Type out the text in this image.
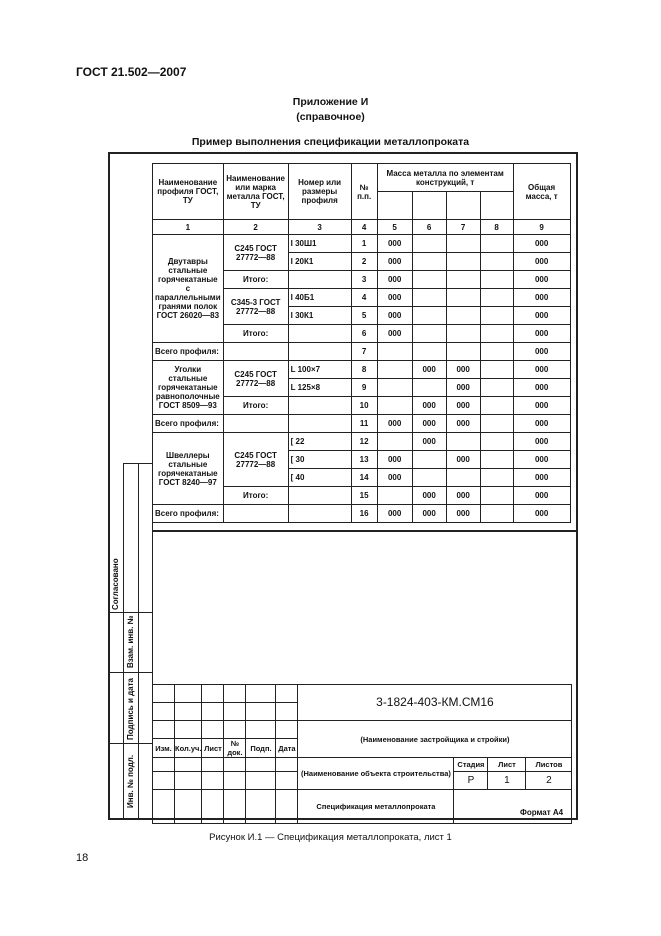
ГОСТ 21.502—2007
Приложение И
(справочное)
Пример выполнения спецификации металлопроката
Согласовано
Взам. инв. №
Подпись и дата
Инв. № подл.
Наименование профиля ГОСТ, ТУ	Наименование или марка металла ГОСТ, ТУ	Номер или размеры профиля	№ п.п.	Масса металла по элементам конструкций, т				Общая масса, т

1	2	3	4	5	6	7	8	9
Двутавры стальные горячекатаные с параллельными гранями полок ГОСТ 26020—83	С245 ГОСТ 27772—88	I 30Ш1	1	000				000
		I 20К1	2	000				000
	Итого:		3	000				000
	С345-3 ГОСТ 27772—88	I 40Б1	4	000				000
		I 30К1	5	000				000
	Итого:		6	000				000
Всего профиля:			7					000
Уголки стальные горячекатаные равнополочные ГОСТ 8509—93	С245 ГОСТ 27772—88	L 100×7	8		000	000		000
		L 125×8	9			000		000
	Итого:		10		000	000		000
Всего профиля:			11	000	000	000		000
Швеллеры стальные горячекатаные ГОСТ 8240—97	С245 ГОСТ 27772—88	[ 22	12		000			000
		[ 30	13	000		000		000
		[ 40	14	000				000
	Итого:		15		000	000		000
Всего профиля:			16	000	000	000		000
						3-1824-403-КМ.СМ16			

						(Наименование застройщика и стройки)			
Изм.	Кол.уч.	Лист	№ док.	Подп.	Дата				
						(Наименование объекта строительства)	Стадия	Лист	Листов
							Р	1	2
						Спецификация металлопроката			
Формат А4
Рисунок И.1 — Спецификация металлопроката, лист 1
18
